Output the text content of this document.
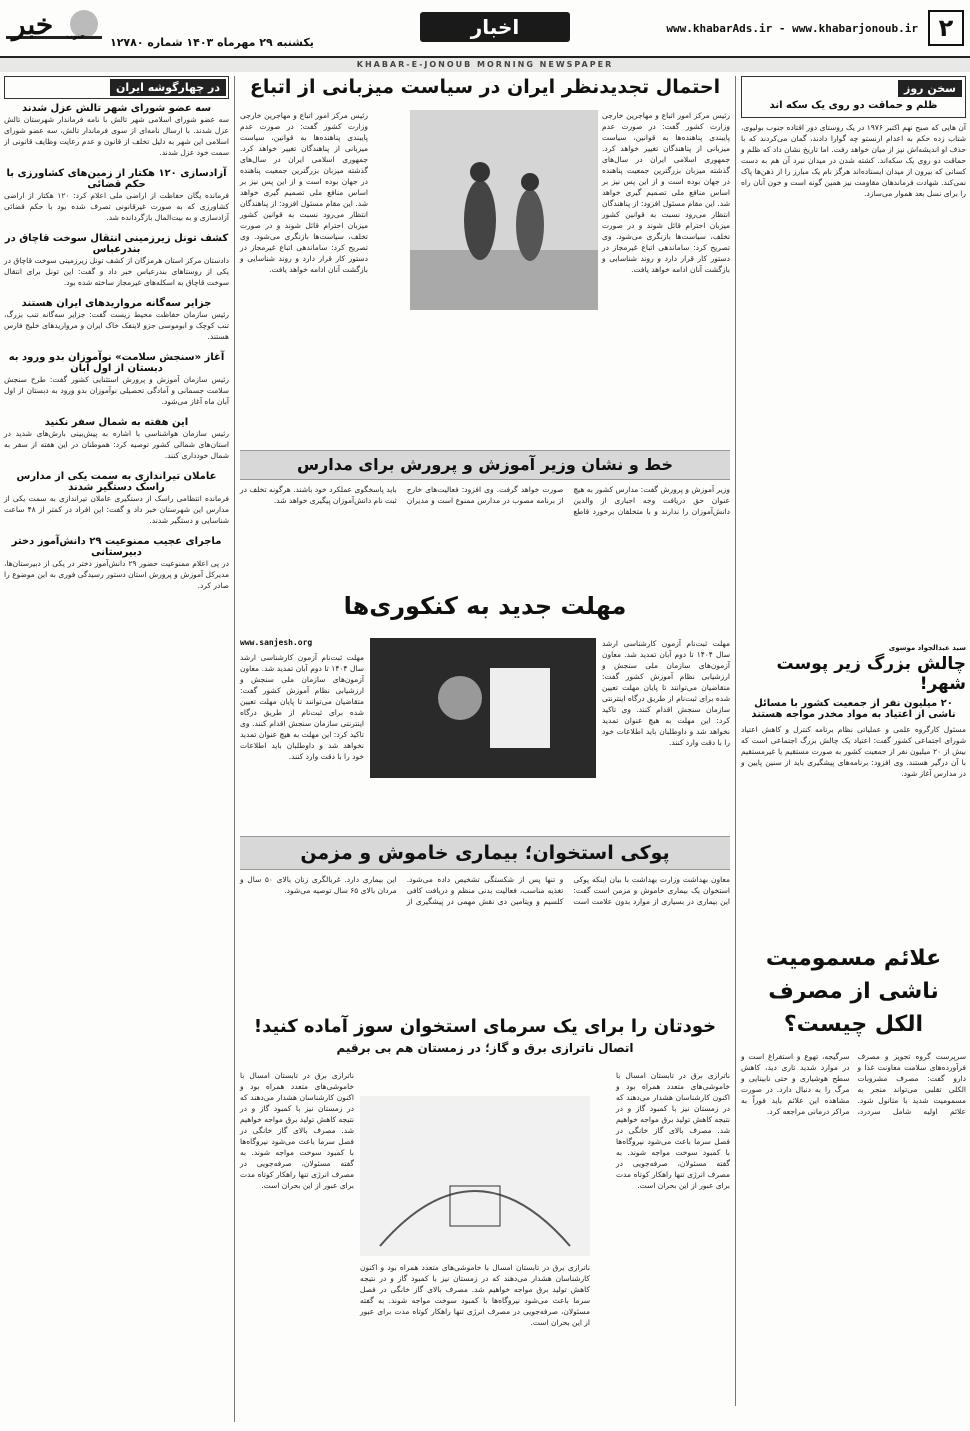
۲
www.khabarAds.ir - www.khabarjonoub.ir
اخبار
یکشنبه ۲۹ مهرماه ۱۴۰۳ شماره ۱۲۷۸۰
خبر جنوب
KHABAR-E-JONOUB MORNING NEWSPAPER
سخن روز
ظلم و حماقت دو روی یک سکه اند
آن هایی که صبح نهم اکتبر ۱۹۷۶ در یک روستای دور افتاده جنوب بولیوی، شتاب زده حکم به اعدام ارنستو چه گوارا دادند، گمان می‌کردند که با حذف او اندیشه‌اش نیز از میان خواهد رفت. اما تاریخ نشان داد که ظلم و حماقت دو روی یک سکه‌اند. کشته شدن در میدان نبرد آن هم به دست کسانی که بیرون از میدان ایستاده‌اند هرگز نام یک مبارز را از ذهن‌ها پاک نمی‌کند. شهادت فرماندهان مقاومت نیز همین گونه است و خون آنان راه را برای نسل بعد هموار می‌سازد.
سید عبدالجواد موسوی
چالش بزرگ زیر پوست شهر!
۲۰ میلیون نفر از جمعیت کشور با مسائل ناشی از اعتیاد به مواد مخدر مواجه هستند
مسئول کارگروه علمی و عملیاتی نظام برنامه کنترل و کاهش اعتیاد شورای اجتماعی کشور گفت: اعتیاد یک چالش بزرگ اجتماعی است که بیش از ۲۰ میلیون نفر از جمعیت کشور به صورت مستقیم یا غیرمستقیم با آن درگیر هستند. وی افزود: برنامه‌های پیشگیری باید از سنین پایین و در مدارس آغاز شود.
علائم مسمومیت ناشی از مصرف الکل چیست؟
سرپرست گروه تجویز و مصرف فرآورده‌های سلامت معاونت غذا و دارو گفت: مصرف مشروبات الکلی تقلبی می‌تواند منجر به مسمومیت شدید با متانول شود. علائم اولیه شامل سردرد، سرگیجه، تهوع و استفراغ است و در موارد شدید تاری دید، کاهش سطح هوشیاری و حتی نابینایی و مرگ را به دنبال دارد. در صورت مشاهده این علائم باید فوراً به مراکز درمانی مراجعه کرد.
در چهارگوشه ایران
سه عضو شورای شهر تالش عزل شدند
سه عضو شورای اسلامی شهر تالش با نامه فرماندار شهرستان تالش عزل شدند. با ارسال نامه‌ای از سوی فرماندار تالش، سه عضو شورای اسلامی این شهر به دلیل تخلف از قانون و عدم رعایت وظایف قانونی از سمت خود عزل شدند.
آزادسازی ۱۲۰ هکتار از زمین‌های کشاورزی با حکم قضائی
فرمانده یگان حفاظت از اراضی ملی اعلام کرد: ۱۲۰ هکتار از اراضی کشاورزی که به صورت غیرقانونی تصرف شده بود با حکم قضائی آزادسازی و به بیت‌المال بازگردانده شد.
کشف تونل زیرزمینی انتقال سوخت قاچاق در بندرعباس
دادستان مرکز استان هرمزگان از کشف تونل زیرزمینی سوخت قاچاق در یکی از روستاهای بندرعباس خبر داد و گفت: این تونل برای انتقال سوخت قاچاق به اسکله‌های غیرمجاز ساخته شده بود.
جزایر سه‌گانه مرواریدهای ایران هستند
رئیس سازمان حفاظت محیط زیست گفت: جزایر سه‌گانه تنب بزرگ، تنب کوچک و ابوموسی جزو لاینفک خاک ایران و مرواریدهای خلیج فارس هستند.
آغاز «سنجش سلامت» نوآموزان بدو ورود به دبستان از اول آبان
رئیس سازمان آموزش و پرورش استثنایی کشور گفت: طرح سنجش سلامت جسمانی و آمادگی تحصیلی نوآموزان بدو ورود به دبستان از اول آبان ماه آغاز می‌شود.
این هفته به شمال سفر نکنید
رئیس سازمان هواشناسی با اشاره به پیش‌بینی بارش‌های شدید در استان‌های شمالی کشور توصیه کرد: هموطنان در این هفته از سفر به شمال خودداری کنند.
عاملان تیراندازی به سمت یکی از مدارس راسک دستگیر شدند
فرمانده انتظامی راسک از دستگیری عاملان تیراندازی به سمت یکی از مدارس این شهرستان خبر داد و گفت: این افراد در کمتر از ۴۸ ساعت شناسایی و دستگیر شدند.
ماجرای عجیب ممنوعیت ۲۹ دانش‌آموز دختر دبیرستانی
در پی اعلام ممنوعیت حضور ۲۹ دانش‌آموز دختر در یکی از دبیرستان‌ها، مدیرکل آموزش و پرورش استان دستور رسیدگی فوری به این موضوع را صادر کرد.
احتمال تجدیدنظر ایران در سیاست میزبانی از اتباع
رئیس مرکز امور اتباع و مهاجرین خارجی وزارت کشور گفت: در صورت عدم پایبندی پناهنده‌ها به قوانین، سیاست میزبانی از پناهندگان تغییر خواهد کرد. جمهوری اسلامی ایران در سال‌های گذشته میزبان بزرگترین جمعیت پناهنده در جهان بوده است و از این پس نیز بر اساس منافع ملی تصمیم گیری خواهد شد. این مقام مسئول افزود: از پناهندگان انتظار می‌رود نسبت به قوانین کشور میزبان احترام قائل شوند و در صورت تخلف، سیاست‌ها بازنگری می‌شود. وی تصریح کرد: ساماندهی اتباع غیرمجاز در دستور کار قرار دارد و روند شناسایی و بازگشت آنان ادامه خواهد یافت.
رئیس مرکز امور اتباع و مهاجرین خارجی وزارت کشور گفت: در صورت عدم پایبندی پناهنده‌ها به قوانین، سیاست میزبانی از پناهندگان تغییر خواهد کرد. جمهوری اسلامی ایران در سال‌های گذشته میزبان بزرگترین جمعیت پناهنده در جهان بوده است و از این پس نیز بر اساس منافع ملی تصمیم گیری خواهد شد. این مقام مسئول افزود: از پناهندگان انتظار می‌رود نسبت به قوانین کشور میزبان احترام قائل شوند و در صورت تخلف، سیاست‌ها بازنگری می‌شود. وی تصریح کرد: ساماندهی اتباع غیرمجاز در دستور کار قرار دارد و روند شناسایی و بازگشت آنان ادامه خواهد یافت.
خط و نشان وزیر آموزش و پرورش برای مدارس
وزیر آموزش و پرورش گفت: مدارس کشور به هیچ عنوان حق دریافت وجه اجباری از والدین دانش‌آموزان را ندارند و با متخلفان برخورد قاطع صورت خواهد گرفت. وی افزود: فعالیت‌های خارج از برنامه مصوب در مدارس ممنوع است و مدیران باید پاسخگوی عملکرد خود باشند. هرگونه تخلف در ثبت نام دانش‌آموزان پیگیری خواهد شد.
مهلت جدید به کنکوری‌ها
www.sanjesh.org	مهلت ثبت‌نام آزمون کارشناسی ارشد سال ۱۴۰۴ تا دوم آبان تمدید شد. معاون آزمون‌های سازمان ملی سنجش و ارزشیابی نظام آموزش کشور گفت: متقاضیان می‌توانند تا پایان مهلت تعیین شده برای ثبت‌نام از طریق درگاه اینترنتی سازمان سنجش اقدام کنند. وی تاکید کرد: این مهلت به هیچ عنوان تمدید نخواهد شد و داوطلبان باید اطلاعات خود را با دقت وارد کنند.
مهلت ثبت‌نام آزمون کارشناسی ارشد سال ۱۴۰۴ تا دوم آبان تمدید شد. معاون آزمون‌های سازمان ملی سنجش و ارزشیابی نظام آموزش کشور گفت: متقاضیان می‌توانند تا پایان مهلت تعیین شده برای ثبت‌نام از طریق درگاه اینترنتی سازمان سنجش اقدام کنند. وی تاکید کرد: این مهلت به هیچ عنوان تمدید نخواهد شد و داوطلبان باید اطلاعات خود را با دقت وارد کنند.
پوکی استخوان؛ بیماری خاموش و مزمن
معاون بهداشت وزارت بهداشت با بیان اینکه پوکی استخوان یک بیماری خاموش و مزمن است گفت: این بیماری در بسیاری از موارد بدون علامت است و تنها پس از شکستگی تشخیص داده می‌شود. تغذیه مناسب، فعالیت بدنی منظم و دریافت کافی کلسیم و ویتامین دی نقش مهمی در پیشگیری از این بیماری دارد. غربالگری زنان بالای ۵۰ سال و مردان بالای ۶۵ سال توصیه می‌شود.
خودتان را برای یک سرمای استخوان سوز آماده کنید!
اتصال ناترازی برق و گاز؛ در زمستان هم بی برقیم
ناترازی برق در تابستان امسال با خاموشی‌های متعدد همراه بود و اکنون کارشناسان هشدار می‌دهند که در زمستان نیز با کمبود گاز و در نتیجه کاهش تولید برق مواجه خواهیم شد. مصرف بالای گاز خانگی در فصل سرما باعث می‌شود نیروگاه‌ها با کمبود سوخت مواجه شوند. به گفته مسئولان، صرفه‌جویی در مصرف انرژی تنها راهکار کوتاه مدت برای عبور از این بحران است.
ناترازی برق در تابستان امسال با خاموشی‌های متعدد همراه بود و اکنون کارشناسان هشدار می‌دهند که در زمستان نیز با کمبود گاز و در نتیجه کاهش تولید برق مواجه خواهیم شد. مصرف بالای گاز خانگی در فصل سرما باعث می‌شود نیروگاه‌ها با کمبود سوخت مواجه شوند. به گفته مسئولان، صرفه‌جویی در مصرف انرژی تنها راهکار کوتاه مدت برای عبور از این بحران است.
ناترازی برق در تابستان امسال با خاموشی‌های متعدد همراه بود و اکنون کارشناسان هشدار می‌دهند که در زمستان نیز با کمبود گاز و در نتیجه کاهش تولید برق مواجه خواهیم شد. مصرف بالای گاز خانگی در فصل سرما باعث می‌شود نیروگاه‌ها با کمبود سوخت مواجه شوند. به گفته مسئولان، صرفه‌جویی در مصرف انرژی تنها راهکار کوتاه مدت برای عبور از این بحران است.
